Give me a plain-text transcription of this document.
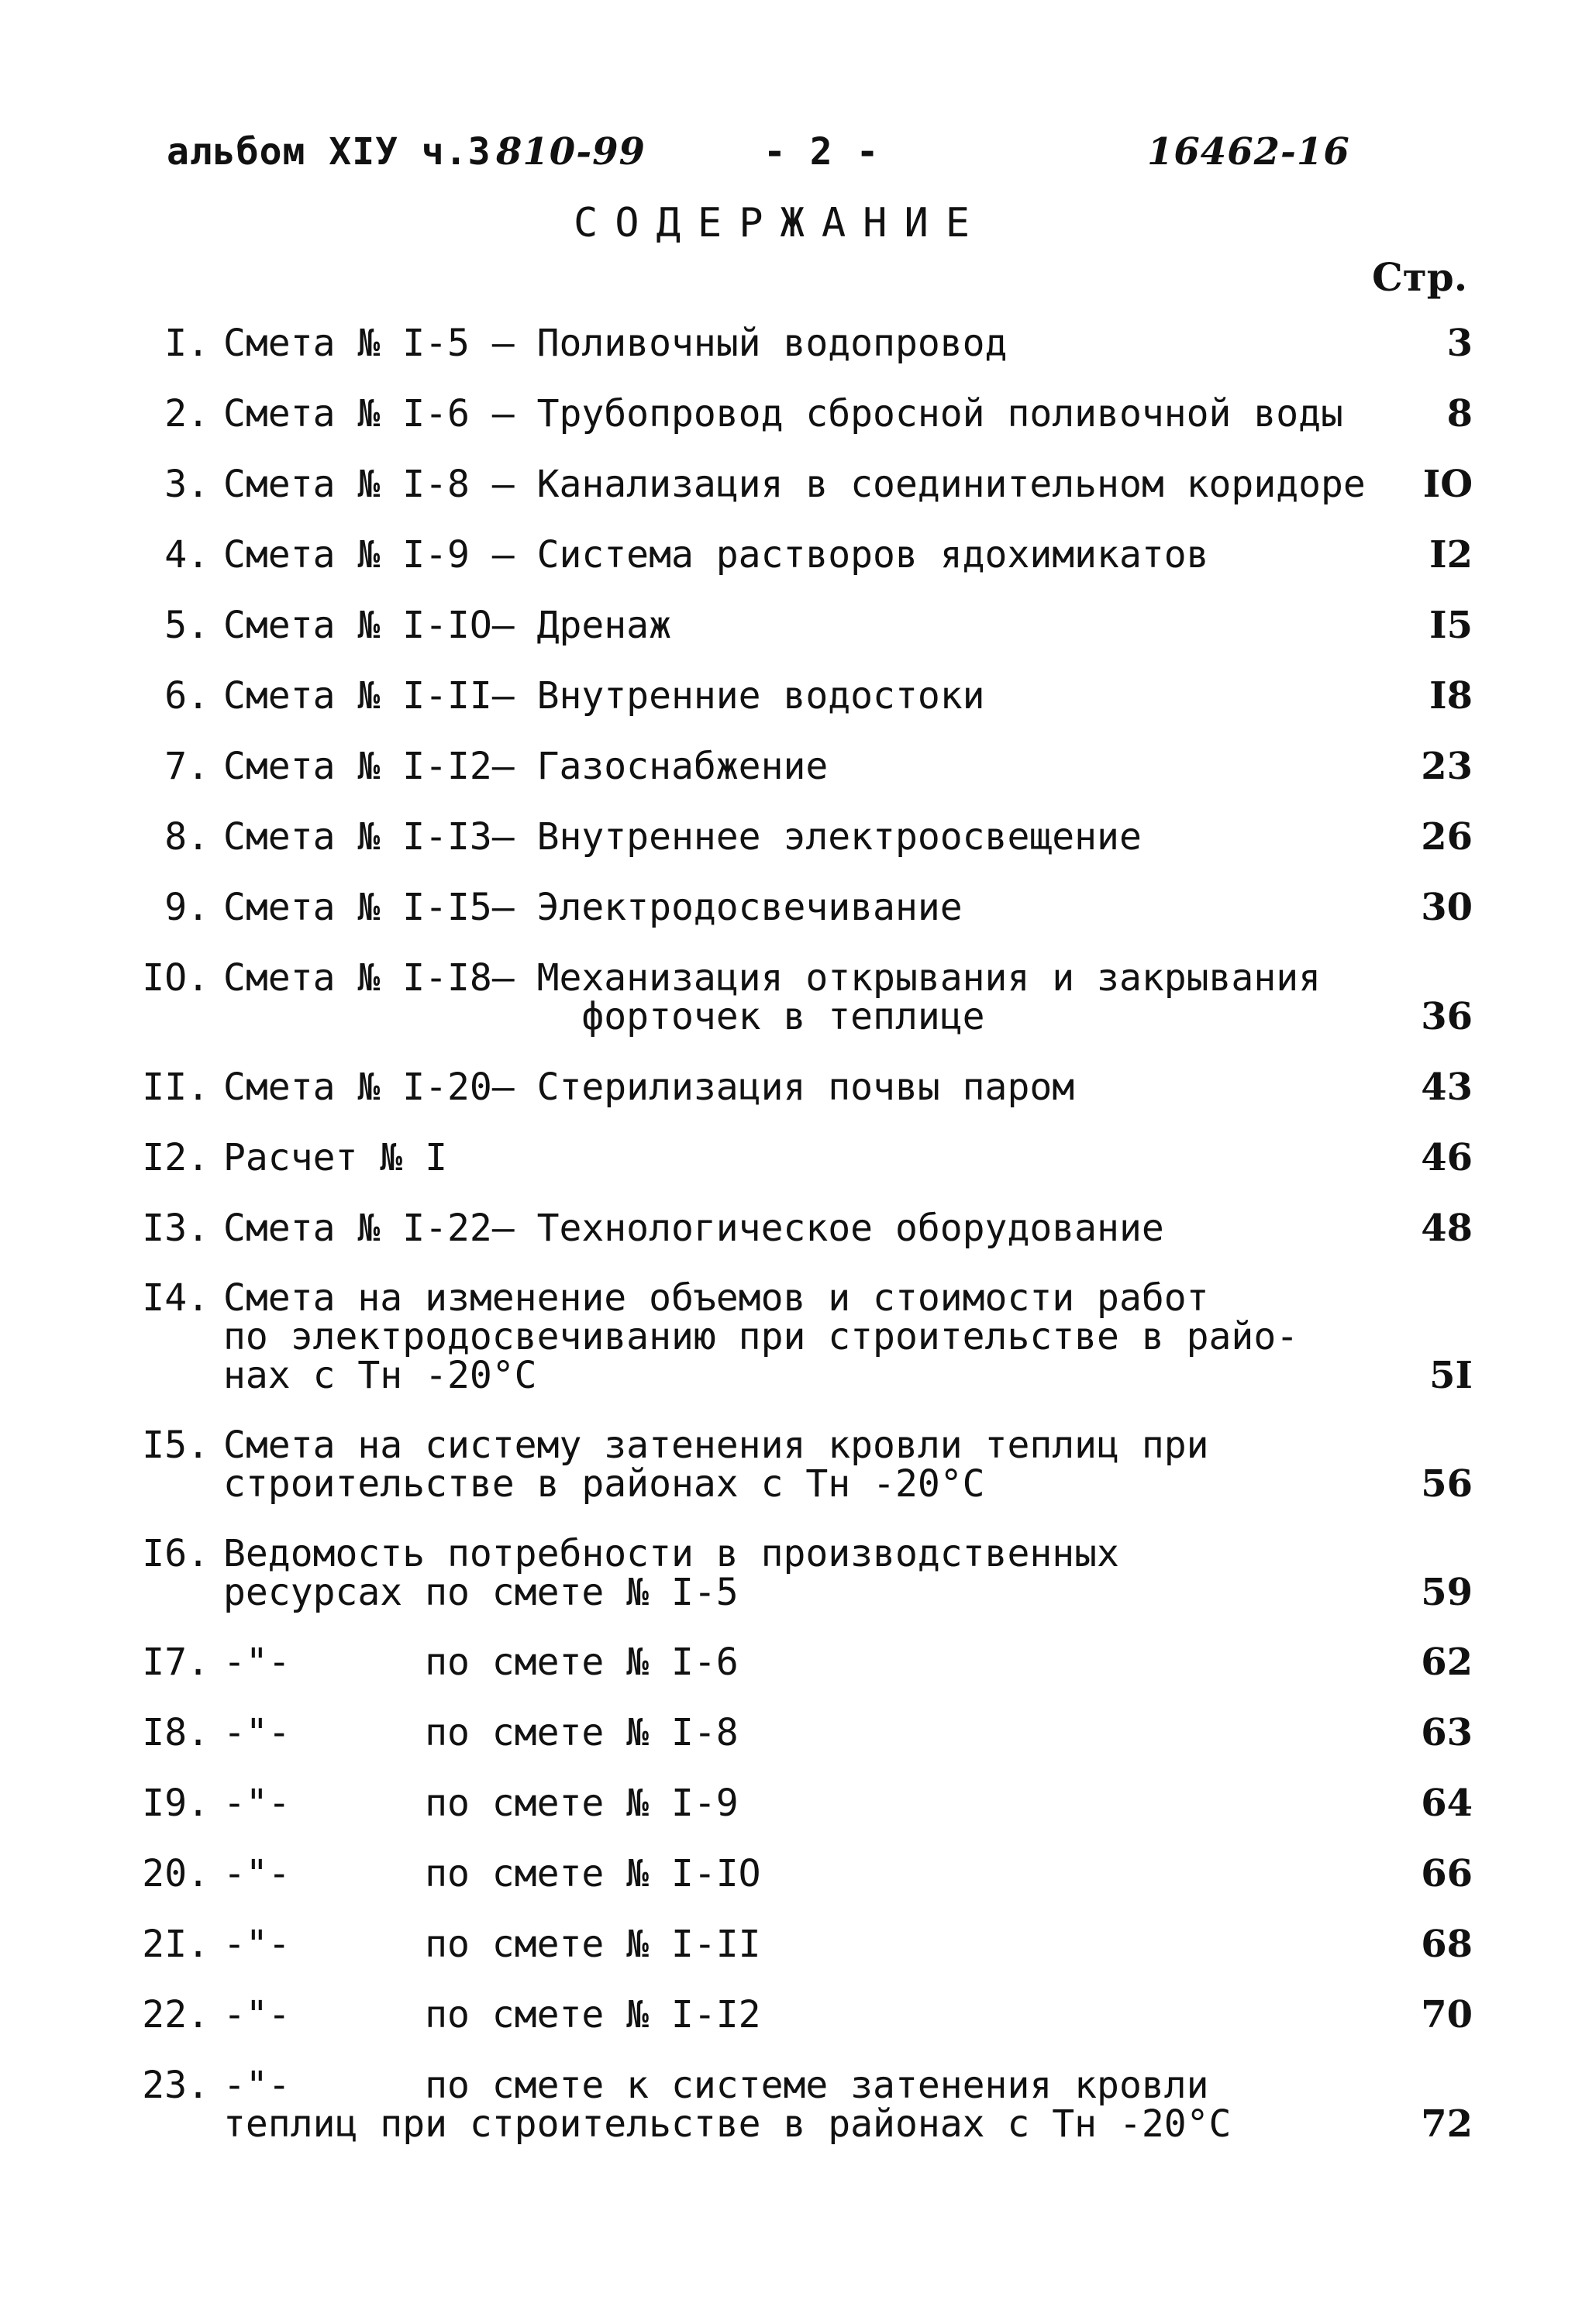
альбом ХIУ ч.3 810-99	- 2 -	16462-16
СОДЕРЖАНИЕ
Стр.
I. Смета № I-5 – Поливочный водопровод	3
2. Смета № I-6 – Трубопровод сбросной поливочной воды	8
3. Смета № I-8 – Канализация в соединительном коридоре	IO
4. Смета № I-9 – Система растворов ядохимикатов	I2
5. Смета № I-IO– Дренаж	I5
6. Смета № I-II– Внутренние водостоки	I8
7. Смета № I-I2– Газоснабжение	23
8. Смета № I-I3– Внутреннее электроосвещение	26
9. Смета № I-I5– Электродосвечивание	30
IO. Смета № I-I8– Механизация открывания и закрывания
форточек в теплице	36
II. Смета № I-20– Стерилизация почвы паром	43
I2. Расчет № I	46
I3. Смета № I-22– Технологическое оборудование	48
I4. Смета на изменение объемов и стоимости работ
по электродосвечиванию при строительстве в райо-
нах с Тн -20°С	5I
I5. Смета на систему затенения кровли теплиц при
строительстве в районах с Тн -20°С	56
I6. Ведомость потребности в производственных
ресурсах по смете № I-5	59
I7. -"-      по смете № I-6	62
I8. -"-      по смете № I-8	63
I9. -"-      по смете № I-9	64
20. -"-      по смете № I-IO	66
2I. -"-      по смете № I-II	68
22. -"-      по смете № I-I2	70
23. -"-      по смете к системе затенения кровли
теплиц при строительстве в районах с Тн -20°С	72
